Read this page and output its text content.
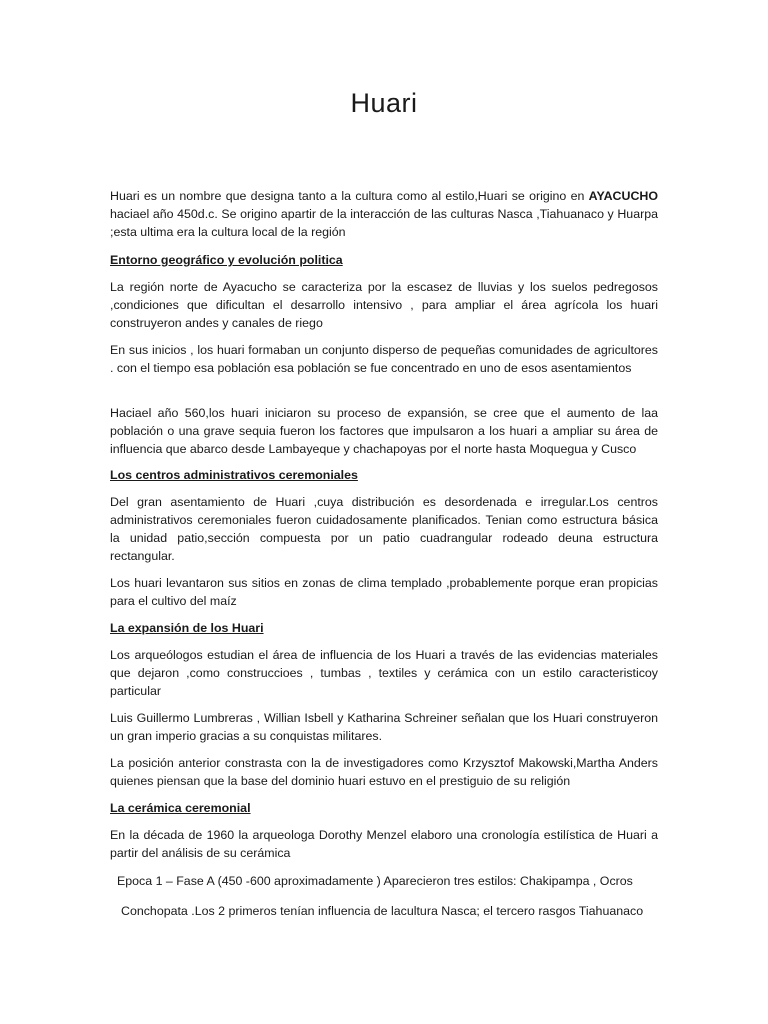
Huari

Huari es un nombre que designa tanto a la cultura como al estilo,Huari se origino en AYACUCHO haciael año 450d.c. Se origino apartir de la interacción de las culturas Nasca ,Tiahuanaco y Huarpa ;esta ultima era la cultura local de la región

Entorno geográfico y evolución politica

La región norte de Ayacucho se caracteriza por la escasez de lluvias y los suelos pedregosos ,condiciones que dificultan el desarrollo intensivo , para ampliar el área agrícola los huari construyeron andes y canales de riego

En sus inicios , los huari formaban un conjunto disperso de pequeñas comunidades de agricultores . con el tiempo esa población esa población se fue concentrado en uno de esos asentamientos

Haciael año 560,los huari iniciaron su proceso de expansión, se cree que el aumento de laa población o una grave sequia fueron los factores que impulsaron a los huari a ampliar su área de influencia que abarco desde Lambayeque y chachapoyas por el norte hasta Moquegua y Cusco

Los centros administrativos ceremoniales

Del gran asentamiento de Huari ,cuya distribución es desordenada e irregular.Los centros administrativos ceremoniales fueron cuidadosamente planificados. Tenian como estructura básica la unidad patio,sección compuesta por un patio cuadrangular rodeado deuna estructura rectangular.

Los huari levantaron sus sitios en zonas de clima templado ,probablemente porque eran propicias para el cultivo del maíz

La expansión de los Huari

Los arqueólogos estudian el área de influencia de los Huari a través de las evidencias materiales que dejaron ,como construccioes , tumbas , textiles y cerámica con un estilo caracteristicoy particular

Luis Guillermo Lumbreras , Willian Isbell y Katharina Schreiner señalan que los Huari construyeron un gran imperio gracias a su conquistas militares.

La posición anterior constrasta con la de investigadores como Krzysztof Makowski,Martha Anders quienes piensan que la base del dominio huari estuvo en el prestiguio de su religión

La cerámica ceremonial

En la década de 1960 la arqueologa Dorothy Menzel elaboro una cronología estilística de Huari a partir del análisis de su cerámica

Epoca 1 – Fase A (450 -600 aproximadamente ) Aparecieron tres estilos: Chakipampa , Ocros
Conchopata .Los 2 primeros tenían influencia de lacultura Nasca; el tercero rasgos Tiahuanaco
